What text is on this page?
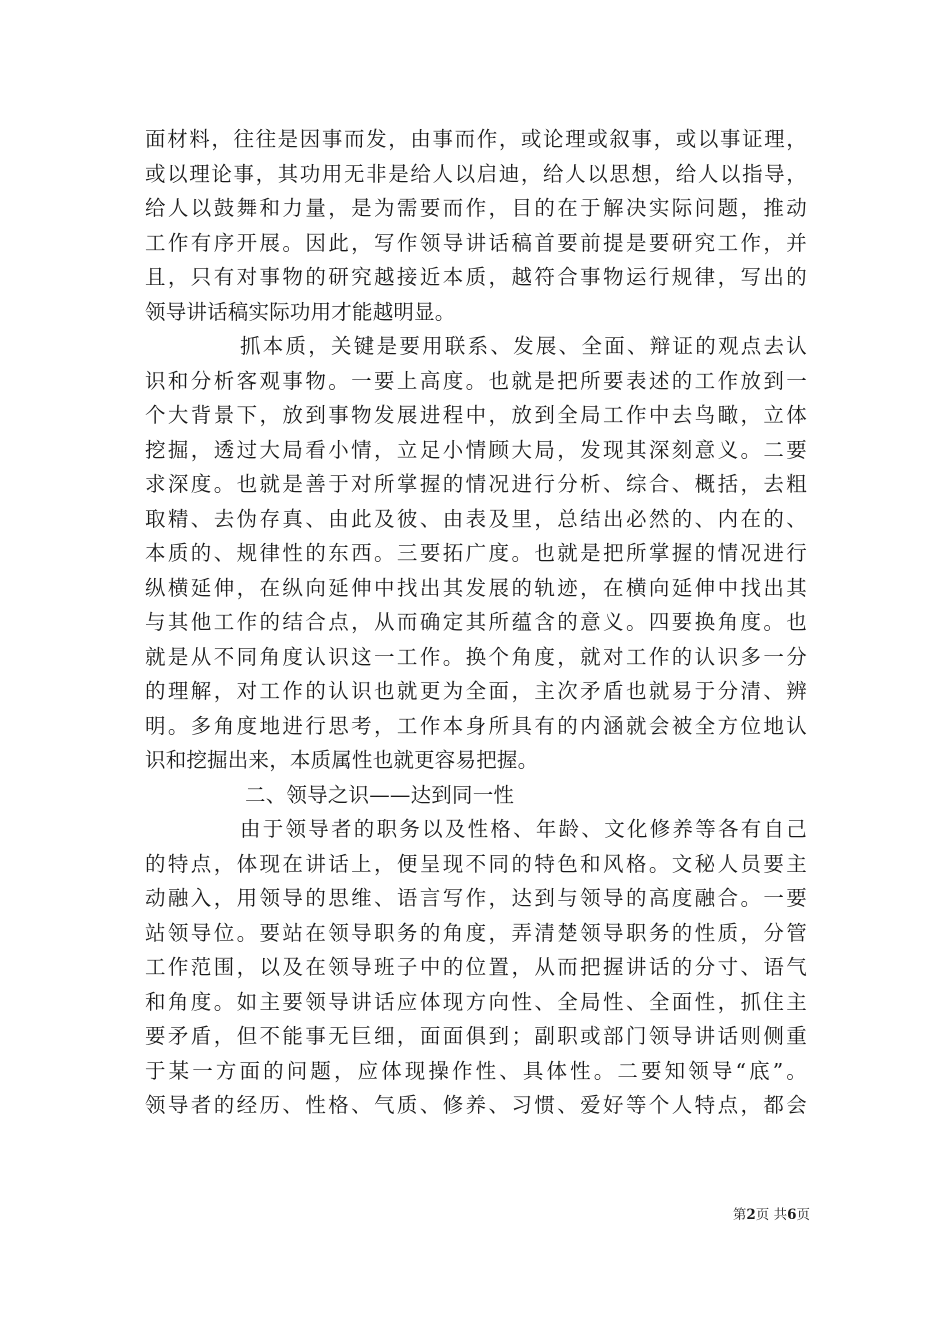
面材料，往往是因事而发，由事而作，或论理或叙事，或以事证理，
或以理论事，其功用无非是给人以启迪，给人以思想，给人以指导，
给人以鼓舞和力量，是为需要而作，目的在于解决实际问题，推动
工作有序开展。因此，写作领导讲话稿首要前提是要研究工作，并
且，只有对事物的研究越接近本质，越符合事物运行规律，写出的
领导讲话稿实际功用才能越明显。
抓本质，关键是要用联系、发展、全面、辩证的观点去认
识和分析客观事物。一要上高度。也就是把所要表述的工作放到一
个大背景下，放到事物发展进程中，放到全局工作中去鸟瞰，立体
挖掘，透过大局看小情，立足小情顾大局，发现其深刻意义。二要
求深度。也就是善于对所掌握的情况进行分析、综合、概括，去粗
取精、去伪存真、由此及彼、由表及里，总结出必然的、内在的、
本质的、规律性的东西。三要拓广度。也就是把所掌握的情况进行
纵横延伸，在纵向延伸中找出其发展的轨迹，在横向延伸中找出其
与其他工作的结合点，从而确定其所蕴含的意义。四要换角度。也
就是从不同角度认识这一工作。换个角度，就对工作的认识多一分
的理解，对工作的认识也就更为全面，主次矛盾也就易于分清、辨
明。多角度地进行思考，工作本身所具有的内涵就会被全方位地认
识和挖掘出来，本质属性也就更容易把握。
二、领导之识——达到同一性
由于领导者的职务以及性格、年龄、文化修养等各有自己
的特点，体现在讲话上，便呈现不同的特色和风格。文秘人员要主
动融入，用领导的思维、语言写作，达到与领导的高度融合。一要
站领导位。要站在领导职务的角度，弄清楚领导职务的性质，分管
工作范围，以及在领导班子中的位置，从而把握讲话的分寸、语气
和角度。如主要领导讲话应体现方向性、全局性、全面性，抓住主
要矛盾，但不能事无巨细，面面俱到；副职或部门领导讲话则侧重
于某一方面的问题，应体现操作性、具体性。二要知领导“底”。
领导者的经历、性格、气质、修养、习惯、爱好等个人特点，都会
第2页 共6页
